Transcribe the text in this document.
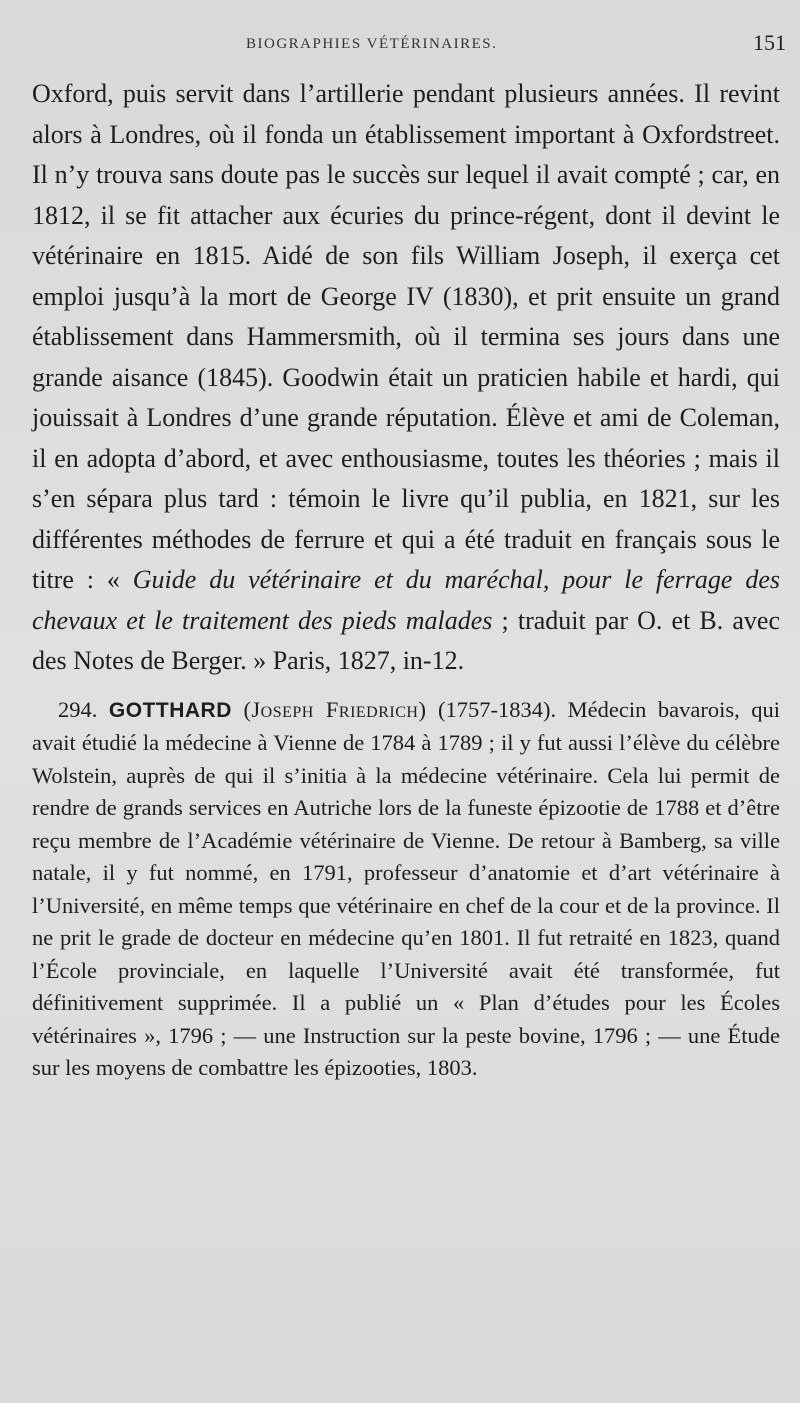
BIOGRAPHIES VÉTÉRINAIRES.	151

Oxford, puis servit dans l’artillerie pendant plusieurs années. Il revint alors à Londres, où il fonda un établissement important à Oxfordstreet. Il n’y trouva sans doute pas le succès sur lequel il avait compté ; car, en 1812, il se fit attacher aux écuries du prince-régent, dont il devint le vétérinaire en 1815. Aidé de son fils William Joseph, il exerça cet emploi jusqu’à la mort de George IV (1830), et prit ensuite un grand établissement dans Hammersmith, où il termina ses jours dans une grande aisance (1845). Goodwin était un praticien habile et hardi, qui jouissait à Londres d’une grande réputation. Élève et ami de Coleman, il en adopta d’abord, et avec enthousiasme, toutes les théories ; mais il s’en sépara plus tard : témoin le livre qu’il publia, en 1821, sur les différentes méthodes de ferrure et qui a été traduit en français sous le titre : « Guide du vétérinaire et du maréchal, pour le ferrage des chevaux et le traitement des pieds malades ; traduit par O. et B. avec des Notes de Berger. » Paris, 1827, in-12.

294. GOTTHARD (Joseph Friedrich) (1757-1834). Médecin bavarois, qui avait étudié la médecine à Vienne de 1784 à 1789 ; il y fut aussi l’élève du célèbre Wolstein, auprès de qui il s’initia à la médecine vétérinaire. Cela lui permit de rendre de grands services en Autriche lors de la funeste épizootie de 1788 et d’être reçu membre de l’Académie vétérinaire de Vienne. De retour à Bamberg, sa ville natale, il y fut nommé, en 1791, professeur d’anatomie et d’art vétérinaire à l’Université, en même temps que vétérinaire en chef de la cour et de la province. Il ne prit le grade de docteur en médecine qu’en 1801. Il fut retraité en 1823, quand l’École provinciale, en laquelle l’Université avait été transformée, fut définitivement supprimée. Il a publié un « Plan d’études pour les Écoles vétérinaires », 1796 ; — une Instruction sur la peste bovine, 1796 ; — une Étude sur les moyens de combattre les épizooties, 1803.
